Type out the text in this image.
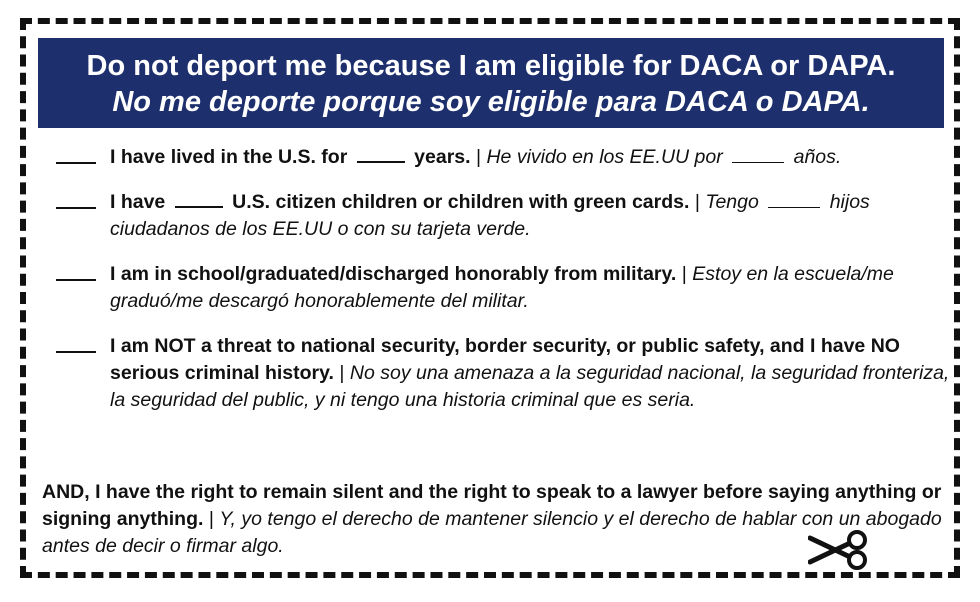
Do not deport me because I am eligible for DACA or DAPA.
No me deporte porque soy eligible para DACA o DAPA.
I have lived in the U.S. for	years. | He vivido en los EE.UU por	años.
I have	U.S. citizen children or children with green cards. | Tengo	hijos ciudadanos de los EE.UU o con su tarjeta verde.
I am in school/graduated/discharged honorably from military. | Estoy en la escuela/me graduó/me descargó honorablemente del militar.
I am NOT a threat to national security, border security, or public safety, and I have NO serious criminal history. | No soy una amenaza a la seguridad nacional, la seguridad fronteriza, la seguridad del public, y ni tengo una historia criminal que es seria.
AND, I have the right to remain silent and the right to speak to a lawyer before saying anything or signing anything. | Y, yo tengo el derecho de mantener silencio y el derecho de hablar con un abogado antes de decir o firmar algo.
